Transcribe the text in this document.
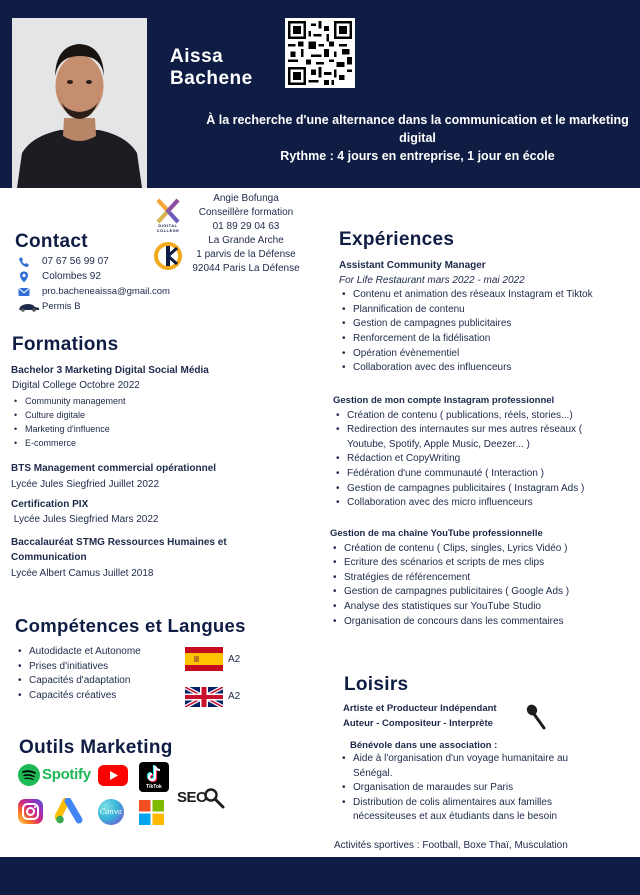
Aissa
Bachene
À la recherche d'une alternance dans la communication et le marketing digital
Rythme : 4 jours en entreprise, 1 jour en école
DIGITAL COLLEGE
Angie Bofunga
Conseillère formation
01 89 29 04 63
La Grande Arche
1 parvis de la Défense
92044 Paris La Défense
Contact
07 67 56 99 07
Colombes 92
pro.bacheneaissa@gmail.com
Permis B
Formations
Bachelor 3 Marketing Digital Social Média
Digital College Octobre 2022
• Community management
• Culture digitale
• Marketing d'influence
• E-commerce
BTS Management commercial opérationnel
Lycée Jules Siegfried Juillet 2022
Certification PIX
Lycée Jules Siegfried Mars 2022
Baccalauréat STMG Ressources Humaines et Communication
Lycée Albert Camus Juillet 2018
Compétences et Langues
• Autodidacte et Autonome
• Prises d'initiatives
• Capacités d'adaptation
• Capacités créatives
A2
A2
Outils Marketing
Spotify
TikTok
SEO
Canva
Expériences
Assistant Community Manager
For Life Restaurant mars 2022 - mai 2022
• Contenu et animation des réseaux Instagram et Tiktok
• Plannification de contenu
• Gestion de campagnes publicitaires
• Renforcement de la fidélisation
• Opération évènementiel
• Collaboration avec des influenceurs
Gestion de mon compte Instagram professionnel
• Création de contenu ( publications, réels, stories...)
• Redirection des internautes sur mes autres réseaux ( Youtube, Spotify, Apple Music, Deezer... )
• Rédaction et CopyWriting
• Fédération d'une communauté ( Interaction )
• Gestion de campagnes publicitaires ( Instagram Ads )
• Collaboration avec des micro influenceurs
Gestion de ma chaîne YouTube professionnelle
• Création de contenu ( Clips, singles, Lyrics Vidéo )
• Ecriture des scénarios et scripts de mes clips
• Stratégies de référencement
• Gestion de campagnes publicitaires ( Google Ads )
• Analyse des statistiques sur YouTube Studio
• Organisation de concours dans les commentaires
Loisirs
Artiste et Producteur Indépendant
Auteur - Compositeur - Interprète
Bénévole dans une association :
• Aide à l'organisation d'un voyage humanitaire au Sénégal.
• Organisation de maraudes sur Paris
• Distribution de colis alimentaires aux familles nécessiteuses et aux étudiants dans le besoin
Activités sportives : Football, Boxe Thaï, Musculation
